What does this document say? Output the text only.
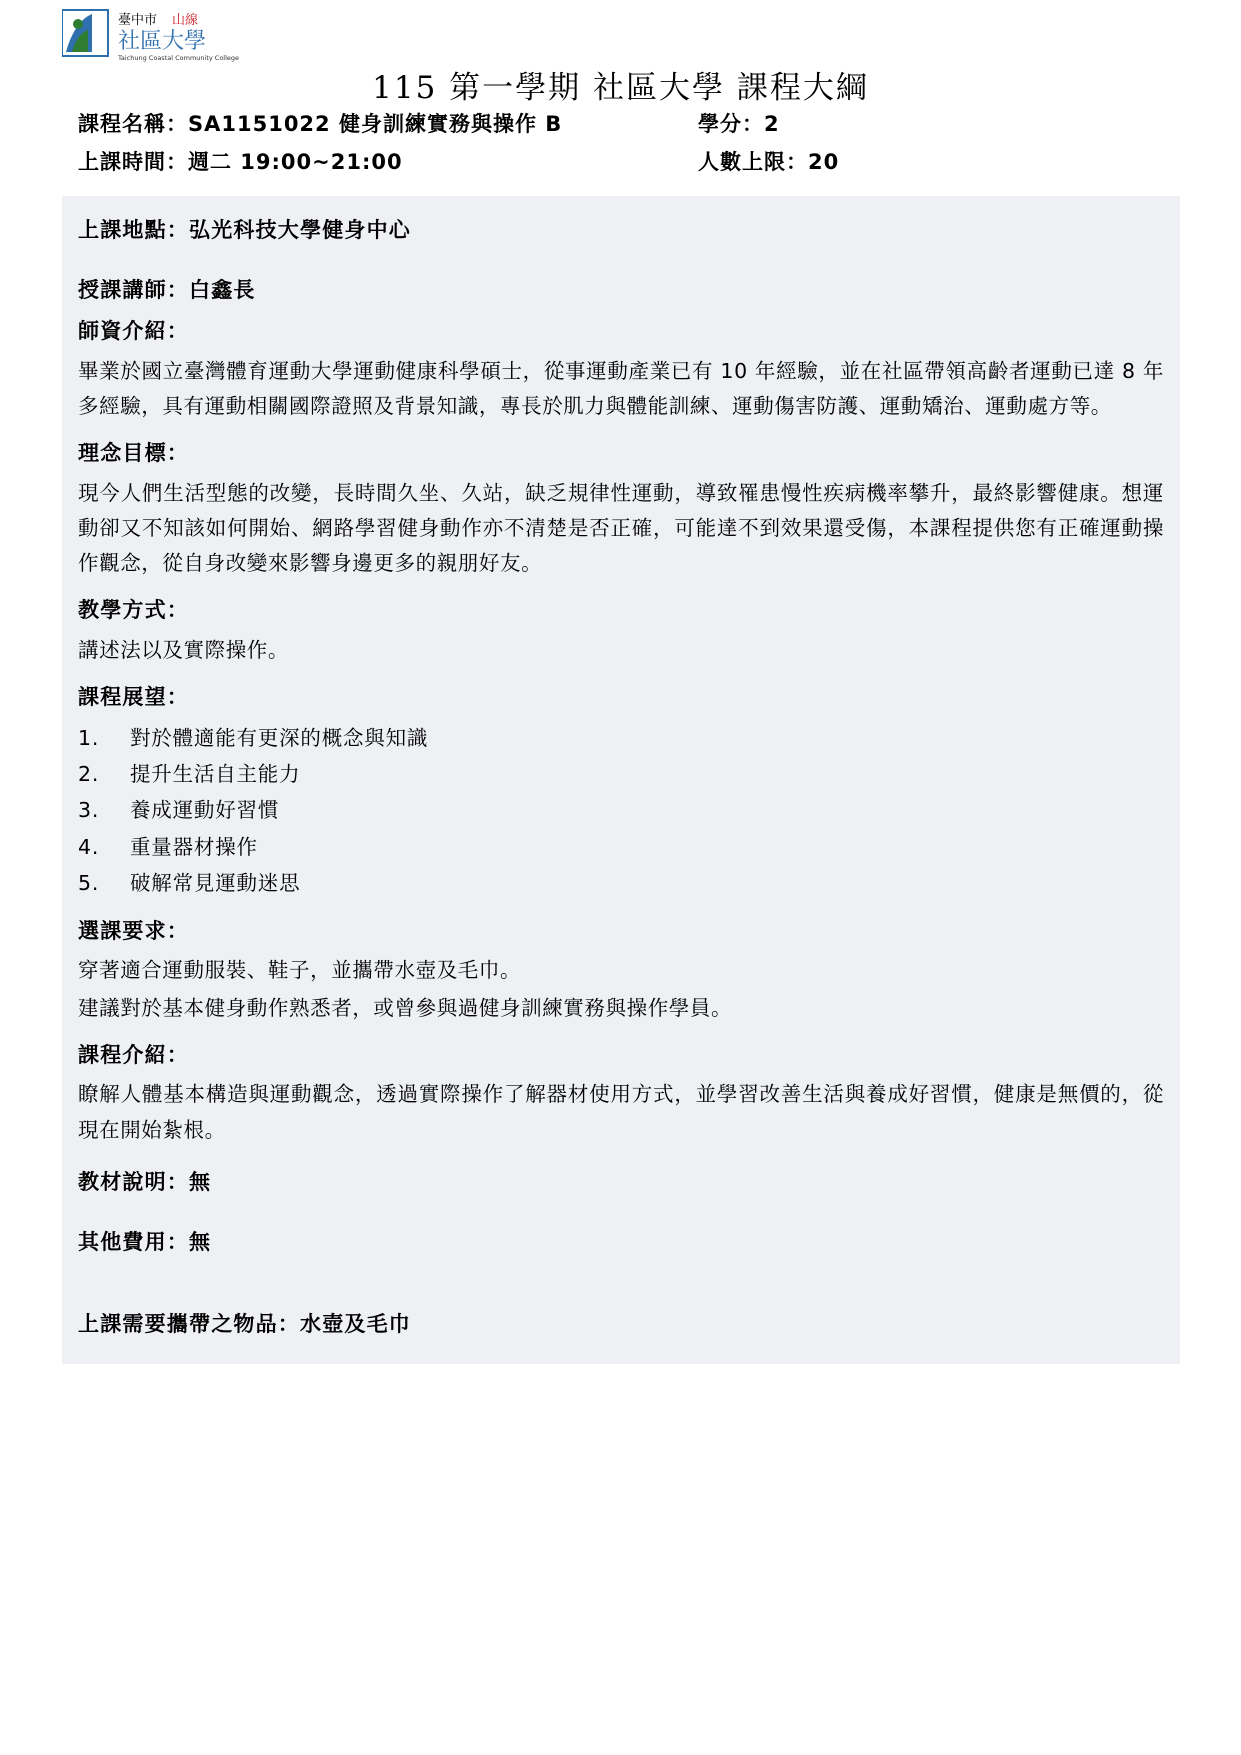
臺中市 山線
社區大學
Taichung Coastal Community College
115 第一學期 社區大學 課程大綱
課程名稱：SA1151022 健身訓練實務與操作 B	學分：2
上課時間：週二 19:00~21:00	人數上限：20
上課地點：弘光科技大學健身中心
授課講師：白鑫長
師資介紹：

畢業於國立臺灣體育運動大學運動健康科學碩士，從事運動產業已有 10 年經驗，並在社區帶領高齡者運動已達 8 年多經驗，具有運動相關國際證照及背景知識，專長於肌力與體能訓練、運動傷害防護、運動矯治、運動處方等。

理念目標：

現今人們生活型態的改變，長時間久坐、久站，缺乏規律性運動，導致罹患慢性疾病機率攀升，最終影響健康。想運動卻又不知該如何開始、網路學習健身動作亦不清楚是否正確，可能達不到效果還受傷，本課程提供您有正確運動操作觀念，從自身改變來影響身邊更多的親朋好友。

教學方式：

講述法以及實際操作。

課程展望：
1.	對於體適能有更深的概念與知識
2.	提升生活自主能力
3.	養成運動好習慣
4.	重量器材操作
5.	破解常見運動迷思
選課要求：

穿著適合運動服裝、鞋子，並攜帶水壺及毛巾。

建議對於基本健身動作熟悉者，或曾參與過健身訓練實務與操作學員。

課程介紹：

瞭解人體基本構造與運動觀念，透過實際操作了解器材使用方式，並學習改善生活與養成好習慣，健康是無價的，從現在開始紮根。

教材說明：無
其他費用：無
上課需要攜帶之物品：水壺及毛巾
